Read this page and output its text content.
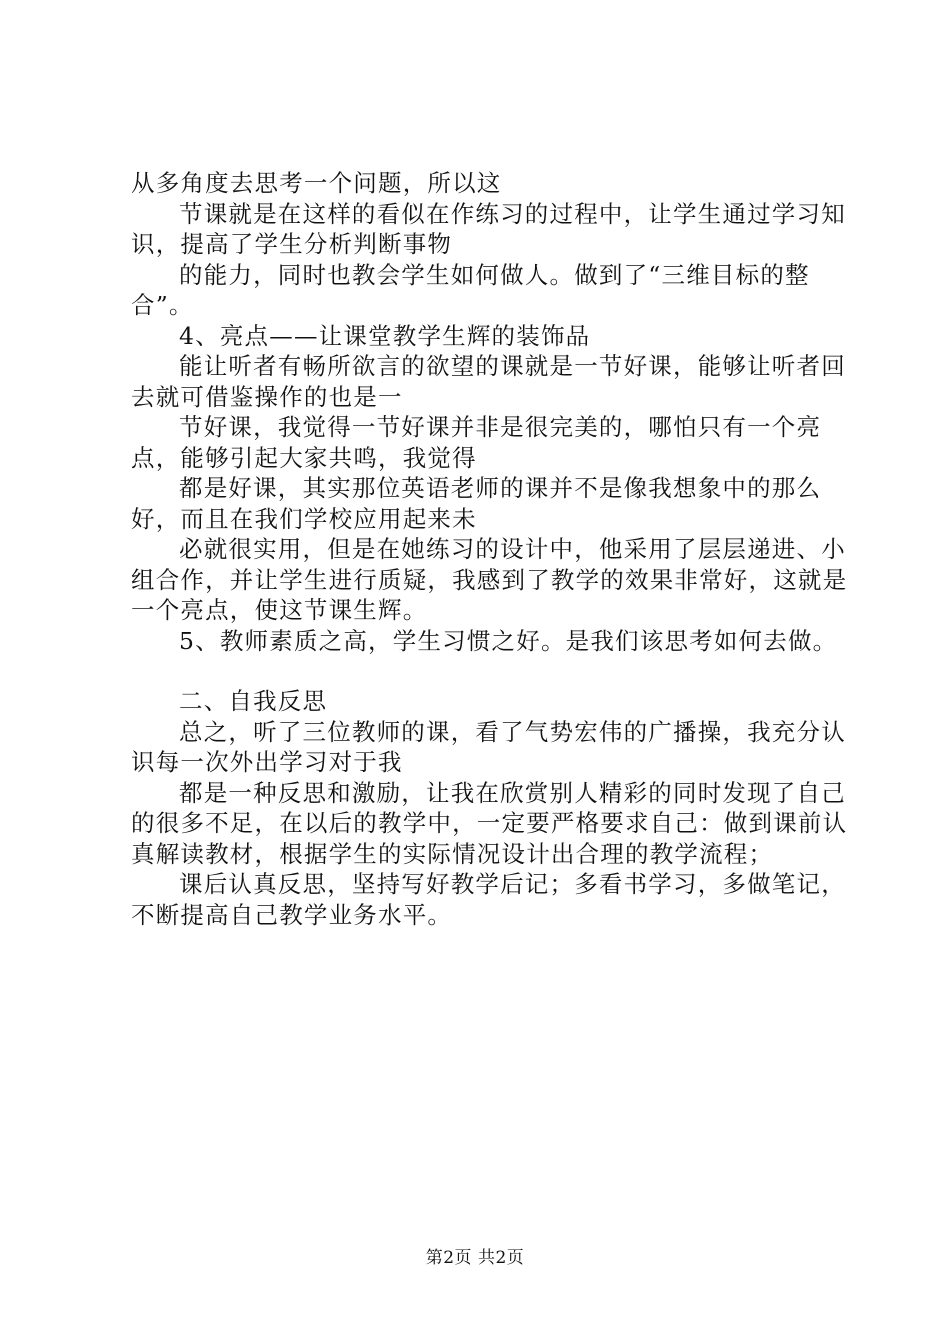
从多角度去思考一个问题，所以这

节课就是在这样的看似在作练习的过程中，让学生通过学习知识，提高了学生分析判断事物

的能力，同时也教会学生如何做人。做到了“三维目标的整合”。

4、亮点——让课堂教学生辉的装饰品

能让听者有畅所欲言的欲望的课就是一节好课，能够让听者回去就可借鉴操作的也是一

节好课，我觉得一节好课并非是很完美的，哪怕只有一个亮点，能够引起大家共鸣，我觉得

都是好课，其实那位英语老师的课并不是像我想象中的那么好，而且在我们学校应用起来未

必就很实用，但是在她练习的设计中，他采用了层层递进、小组合作，并让学生进行质疑，我感到了教学的效果非常好，这就是一个亮点，使这节课生辉。

5、教师素质之高，学生习惯之好。是我们该思考如何去做。

二、自我反思

总之，听了三位教师的课，看了气势宏伟的广播操，我充分认识每一次外出学习对于我

都是一种反思和激励，让我在欣赏别人精彩的同时发现了自己的很多不足，在以后的教学中，一定要严格要求自己：做到课前认真解读教材，根据学生的实际情况设计出合理的教学流程；

课后认真反思，坚持写好教学后记；多看书学习，多做笔记，不断提高自己教学业务水平。

第2页 共2页
